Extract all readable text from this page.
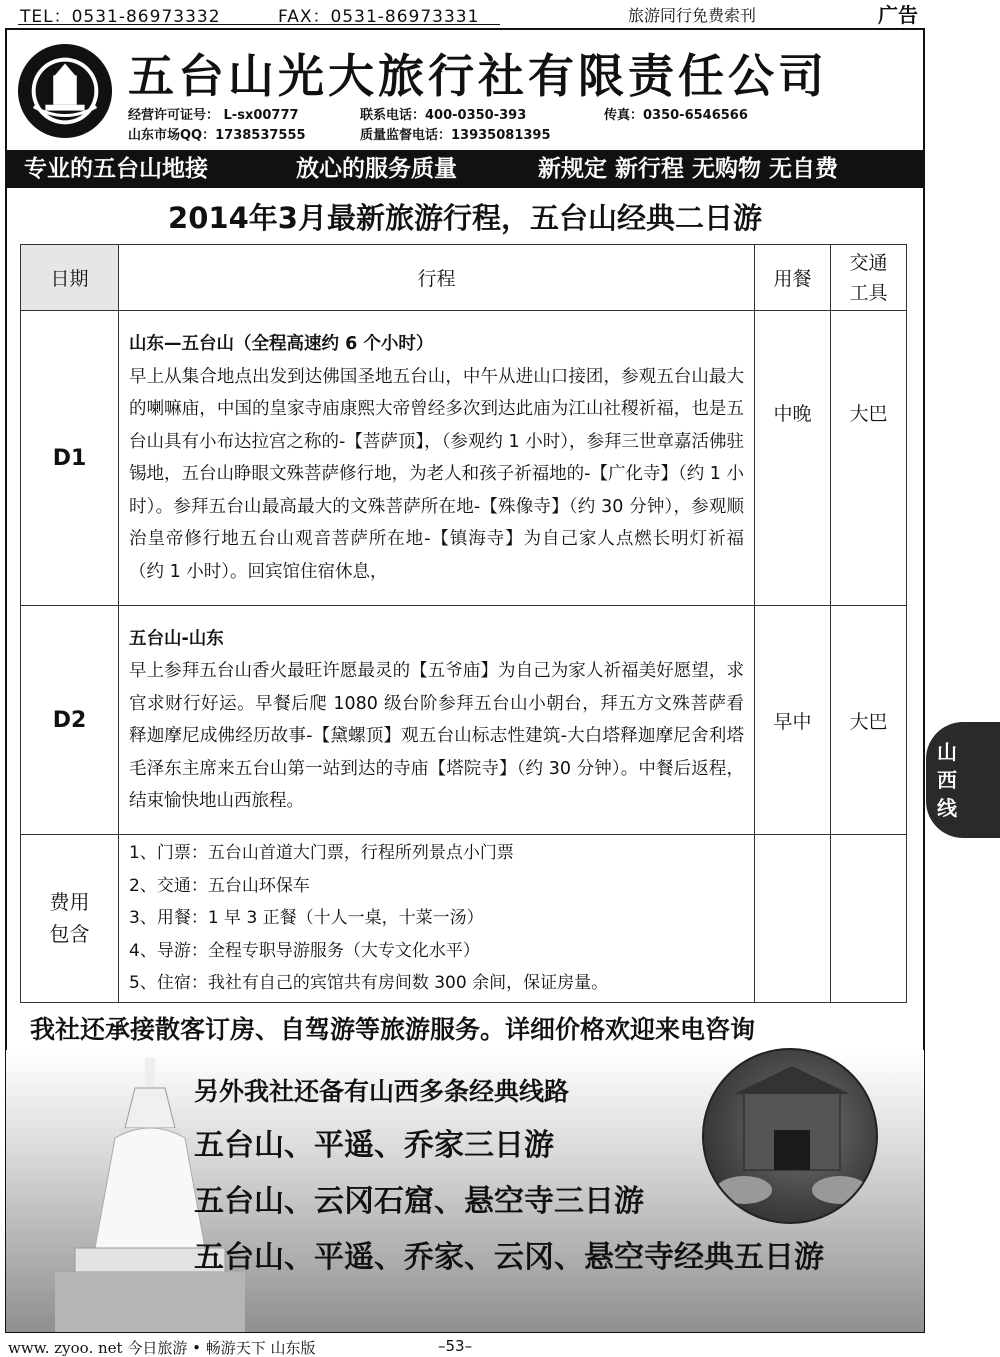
TEL：0531-86973332	FAX：0531-86973331	旅游同行免费索刊	广告
五台山光大旅行社有限责任公司
经营许可证号： L-sx00777	联系电话：400-0350-393	传真：0350-6546566
山东市场QQ：1738537555	质量监督电话：13935081395
专业的五台山地接	放心的服务质量	新规定 新行程 无购物 无自费
2014年3月最新旅游行程，五台山经典二日游
日期	行程	用餐	交通工具
D1	山东—五台山（全程高速约 6 个小时）
早上从集合地点出发到达佛国圣地五台山，中午从进山口接团，参观五台山最大的喇嘛庙，中国的皇家寺庙康熙大帝曾经多次到达此庙为江山社稷祈福，也是五台山具有小布达拉宫之称的-【菩萨顶】，（参观约 1 小时），参拜三世章嘉活佛驻锡地，五台山睁眼文殊菩萨修行地，为老人和孩子祈福地的-【广化寺】（约 1 小时）。参拜五台山最高最大的文殊菩萨所在地-【殊像寺】（约 30 分钟），参观顺治皇帝修行地五台山观音菩萨所在地-【镇海寺】为自己家人点燃长明灯祈福（约 1 小时）。回宾馆住宿休息，	中晚	大巴
D2	五台山-山东
早上参拜五台山香火最旺许愿最灵的【五爷庙】为自己为家人祈福美好愿望，求官求财行好运。早餐后爬 1080 级台阶参拜五台山小朝台，拜五方文殊菩萨看释迦摩尼成佛经历故事-【黛螺顶】观五台山标志性建筑-大白塔释迦摩尼舍利塔毛泽东主席来五台山第一站到达的寺庙【塔院寺】（约 30 分钟）。中餐后返程，结束愉快地山西旅程。	早中	大巴
费用包含	1、门票：五台山首道大门票，行程所列景点小门票
2、交通：五台山环保车
3、用餐：1 早 3 正餐（十人一桌，十菜一汤）
4、导游：全程专职导游服务（大专文化水平）
5、住宿：我社有自己的宾馆共有房间数 300 余间，保证房量。		

山西线
我社还承接散客订房、自驾游等旅游服务。详细价格欢迎来电咨询
另外我社还备有山西多条经典线路
五台山、平遥、乔家三日游
五台山、云冈石窟、悬空寺三日游
五台山、平遥、乔家、云冈、悬空寺经典五日游
www. zyoo. net 今日旅游 • 畅游天下 山东版	–53–
